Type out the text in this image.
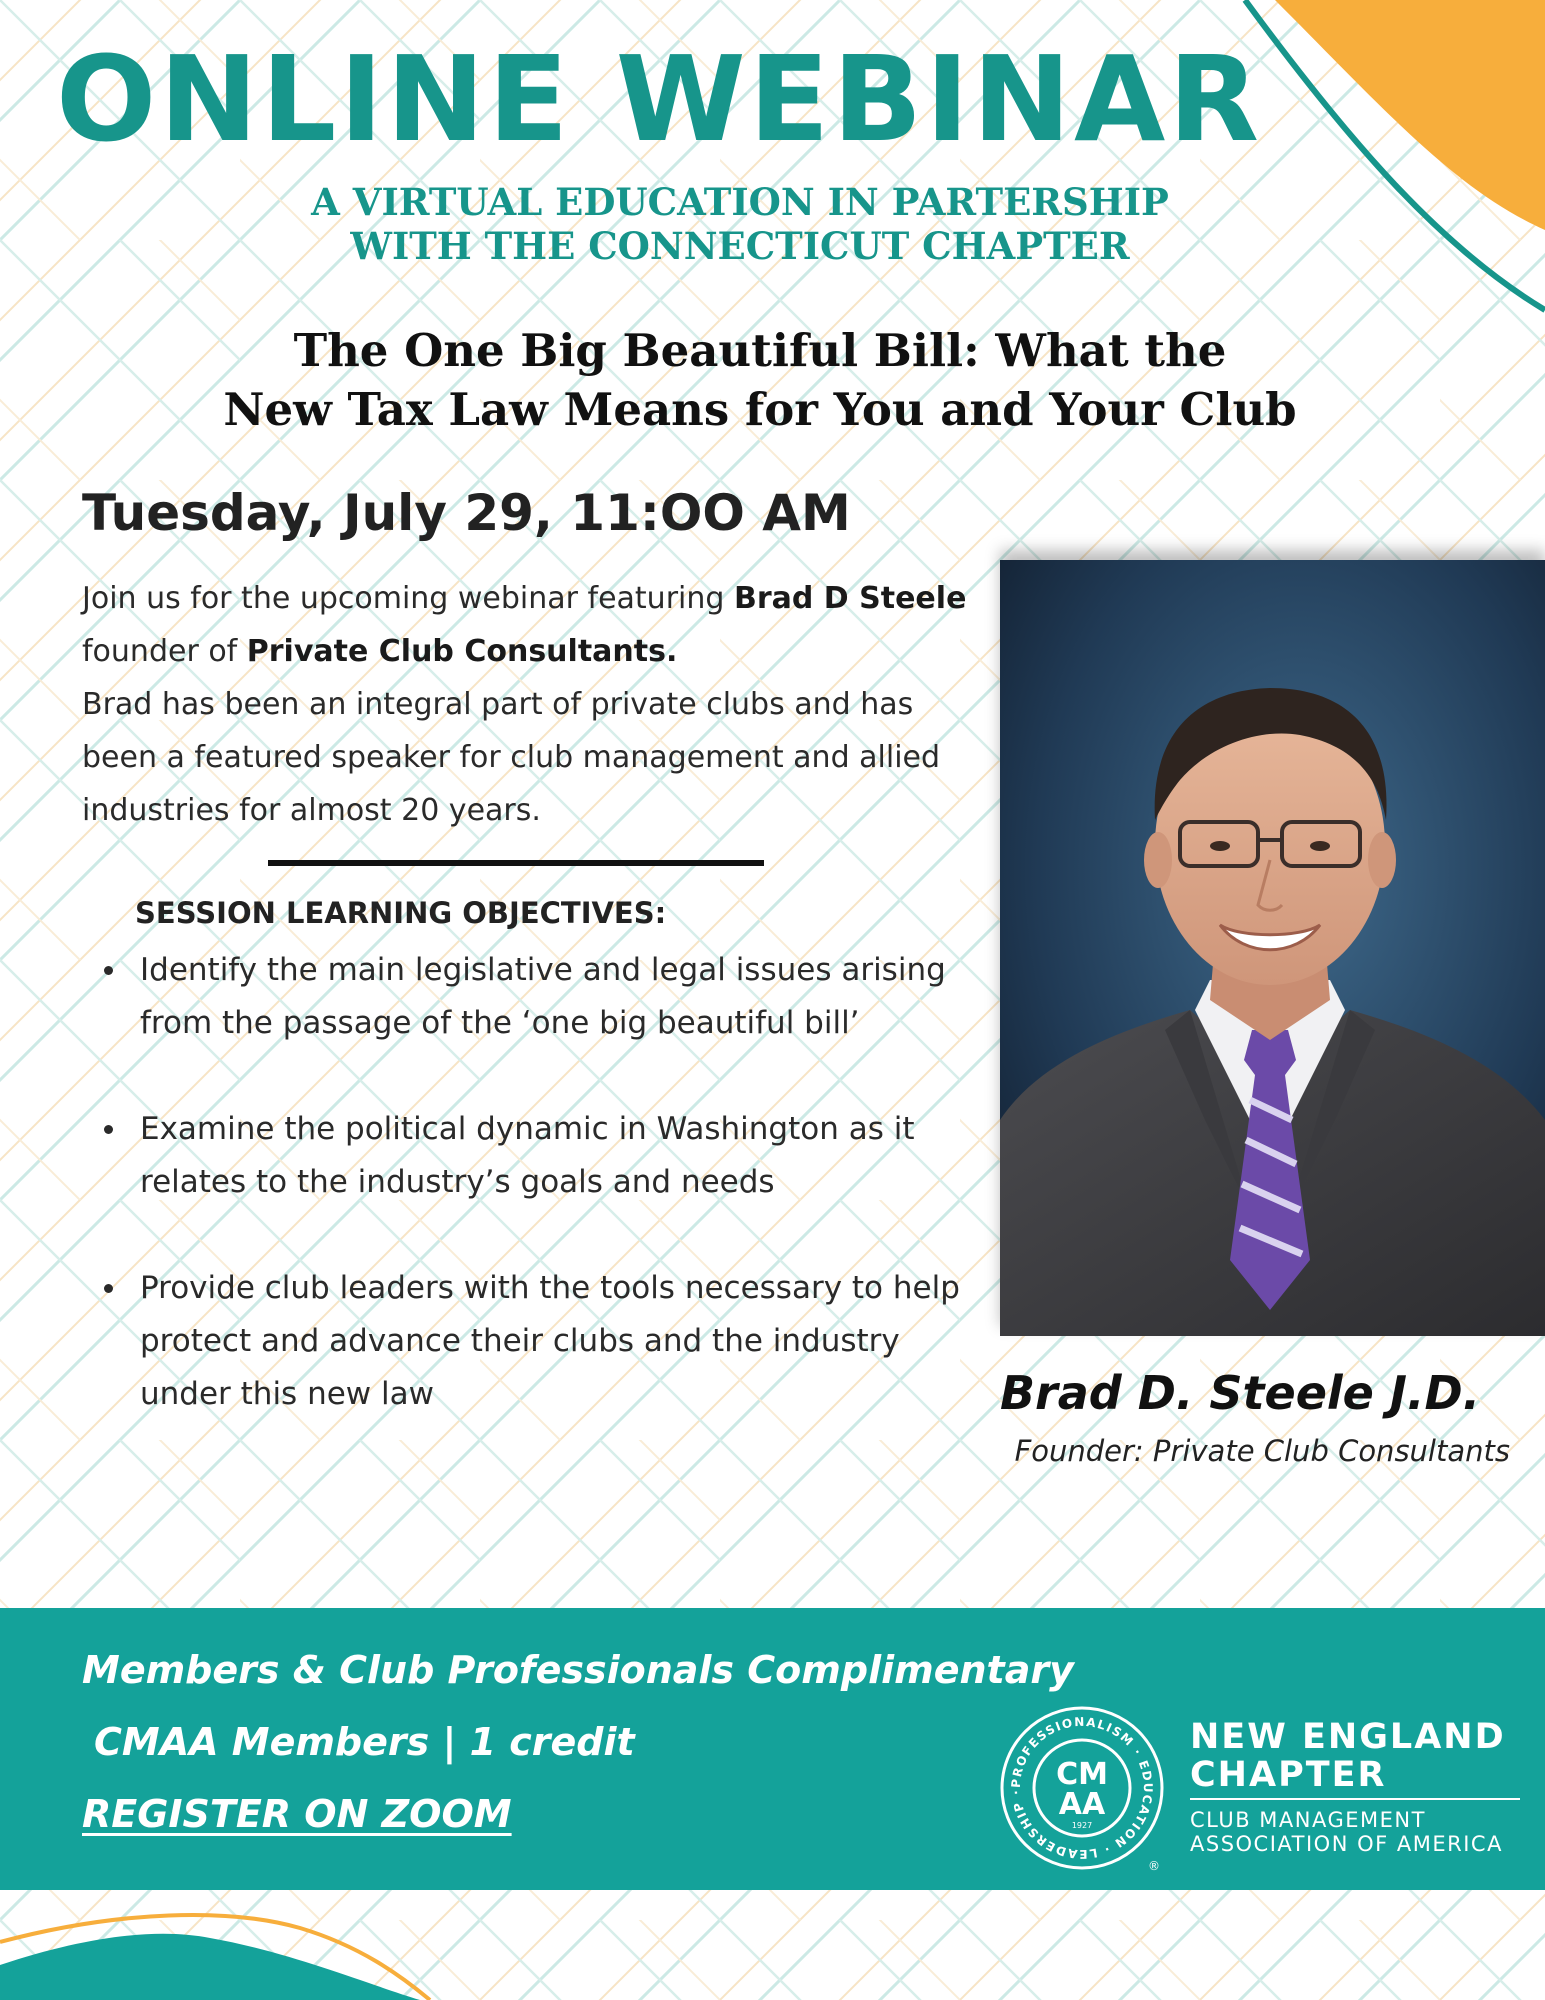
ONLINE WEBINAR
A VIRTUAL EDUCATION IN PARTERSHIP
WITH THE CONNECTICUT CHAPTER
The One Big Beautiful Bill: What the
New Tax Law Means for You and Your Club

Tuesday, July 29, 11:OO AM

Join us for the upcoming webinar featuring Brad D Steele founder of Private Club Consultants.
Brad has been an integral part of private clubs and has been a featured speaker for club management and allied industries for almost 20 years.

SESSION LEARNING OBJECTIVES:

Identify the main legislative and legal issues arising from the passage of the ‘one big beautiful bill’
Examine the political dynamic in Washington as it relates to the industry’s goals and needs
Provide club leaders with the tools necessary to help protect and advance their clubs and the industry under this new law	Brad D. Steele J.D.

Founder: Private Club Consultants

Members & Club Professionals Complimentary

CMAA Members | 1 credit

REGISTER ON ZOOM

PROFESSIONALISM · EDUCATION · LEADERSHIP ·	CM
AA
1927
®

NEW ENGLAND
CHAPTER

CLUB MANAGEMENT
ASSOCIATION OF AMERICA
